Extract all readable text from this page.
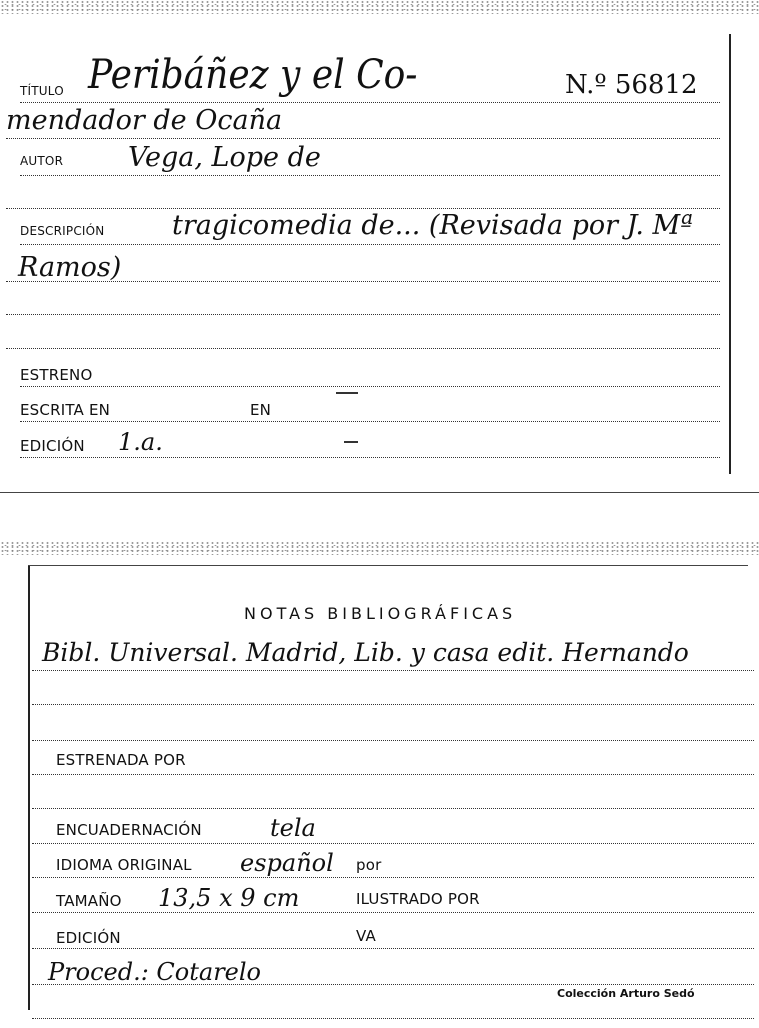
TÍTULO Peribáñez y el Co-	N.º 56812
mendador de Ocaña
AUTOR Vega, Lope de
DESCRIPCIÓN	tragicomedia de... (Revisada por J. Mª
Ramos)
ESTRENO
ESCRITA EN	EN
EDICIÓN 1.a.
NOTAS BIBLIOGRÁFICAS
Bibl. Universal. Madrid, Lib. y casa edit. Hernando
ESTRENADA POR
ENCUADERNACIÓN	tela
IDIOMA ORIGINAL español por
TAMAÑO 13,5 x 9 cm	ILUSTRADO POR
EDICIÓN	VA
Proced.: Cotarelo
Colección Arturo Sedó
